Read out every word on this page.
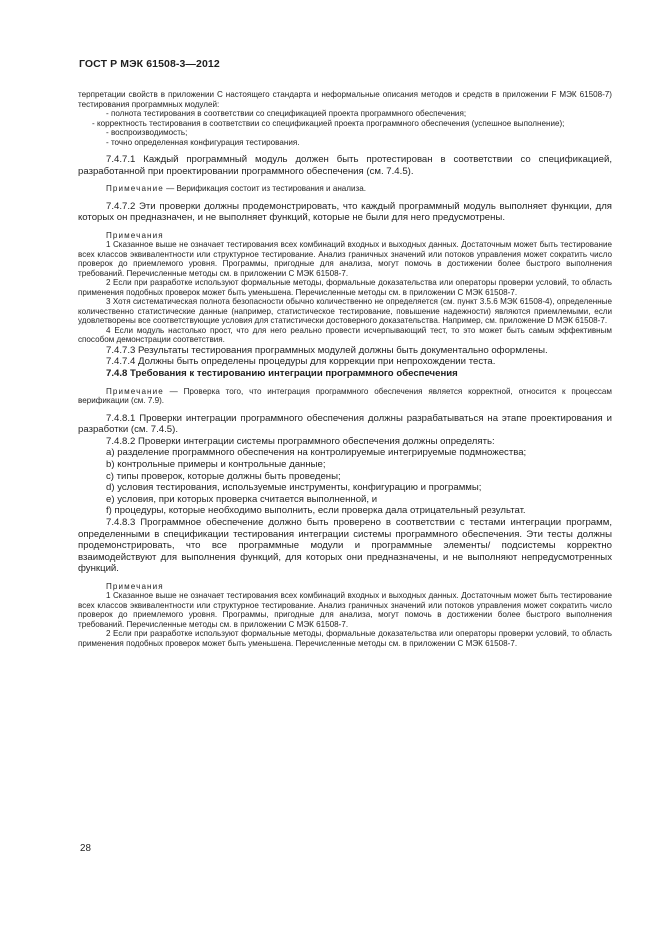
ГОСТ Р МЭК 61508-3—2012

терпретации свойств в приложении С настоящего стандарта и неформальные описания методов и средств в приложении F МЭК 61508-7) тестирования программных модулей:

- полнота тестирования в соответствии со спецификацией проекта программного обеспечения;

- корректность тестирования в соответствии со спецификацией проекта программного обеспечения (успешное выполнение);

- воспроизводимость;

- точно определенная конфигурация тестирования.

7.4.7.1 Каждый программный модуль должен быть протестирован в соответствии со спецификацией, разработанной при проектировании программного обеспечения (см. 7.4.5).

Примечание — Верификация состоит из тестирования и анализа.

7.4.7.2 Эти проверки должны продемонстрировать, что каждый программный модуль выполняет функции, для которых он предназначен, и не выполняет функций, которые не были для него предусмотрены.

Примечания

1 Сказанное выше не означает тестирования всех комбинаций входных и выходных данных. Достаточным может быть тестирование всех классов эквивалентности или структурное тестирование. Анализ граничных значений или потоков управления может сократить число проверок до приемлемого уровня. Программы, пригодные для анализа, могут помочь в достижении более быстрого выполнения требований. Перечисленные методы см. в приложении С МЭК 61508-7.

2 Если при разработке используют формальные методы, формальные доказательства или операторы проверки условий, то область применения подобных проверок может быть уменьшена. Перечисленные методы см. в приложении С МЭК 61508-7.

3 Хотя систематическая полнота безопасности обычно количественно не определяется (см. пункт 3.5.6 МЭК 61508-4), определенные количественно статистические данные (например, статистическое тестирование, повышение надежности) являются приемлемыми, если удовлетворены все соответствующие условия для статистически достоверного доказательства. Например, см. приложение D МЭК 61508-7.

4 Если модуль настолько прост, что для него реально провести исчерпывающий тест, то это может быть самым эффективным способом демонстрации соответствия.

7.4.7.3 Результаты тестирования программных модулей должны быть документально оформлены.

7.4.7.4 Должны быть определены процедуры для коррекции при непрохождении теста.

7.4.8 Требования к тестированию интеграции программного обеспечения

Примечание — Проверка того, что интеграция программного обеспечения является корректной, относится к процессам верификации (см. 7.9).

7.4.8.1 Проверки интеграции программного обеспечения должны разрабатываться на этапе проектирования и разработки (см. 7.4.5).

7.4.8.2 Проверки интеграции системы программного обеспечения должны определять:

a) разделение программного обеспечения на контролируемые интегрируемые подмножества;

b) контрольные примеры и контрольные данные;

c) типы проверок, которые должны быть проведены;

d) условия тестирования, используемые инструменты, конфигурацию и программы;

e) условия, при которых проверка считается выполненной, и

f) процедуры, которые необходимо выполнить, если проверка дала отрицательный результат.

7.4.8.3 Программное обеспечение должно быть проверено в соответствии с тестами интеграции программ, определенными в спецификации тестирования интеграции системы программного обеспечения. Эти тесты должны продемонстрировать, что все программные модули и программные элементы/ подсистемы корректно взаимодействуют для выполнения функций, для которых они предназначены, и не выполняют непредусмотренных функций.

Примечания

1 Сказанное выше не означает тестирования всех комбинаций входных и выходных данных. Достаточным может быть тестирование всех классов эквивалентности или структурное тестирование. Анализ граничных значений или потоков управления может сократить число проверок до приемлемого уровня. Программы, пригодные для анализа, могут помочь в достижении более быстрого выполнения требований. Перечисленные методы см. в приложении С МЭК 61508-7.

2 Если при разработке используют формальные методы, формальные доказательства или операторы проверки условий, то область применения подобных проверок может быть уменьшена. Перечисленные методы см. в приложении С МЭК 61508-7.

28
